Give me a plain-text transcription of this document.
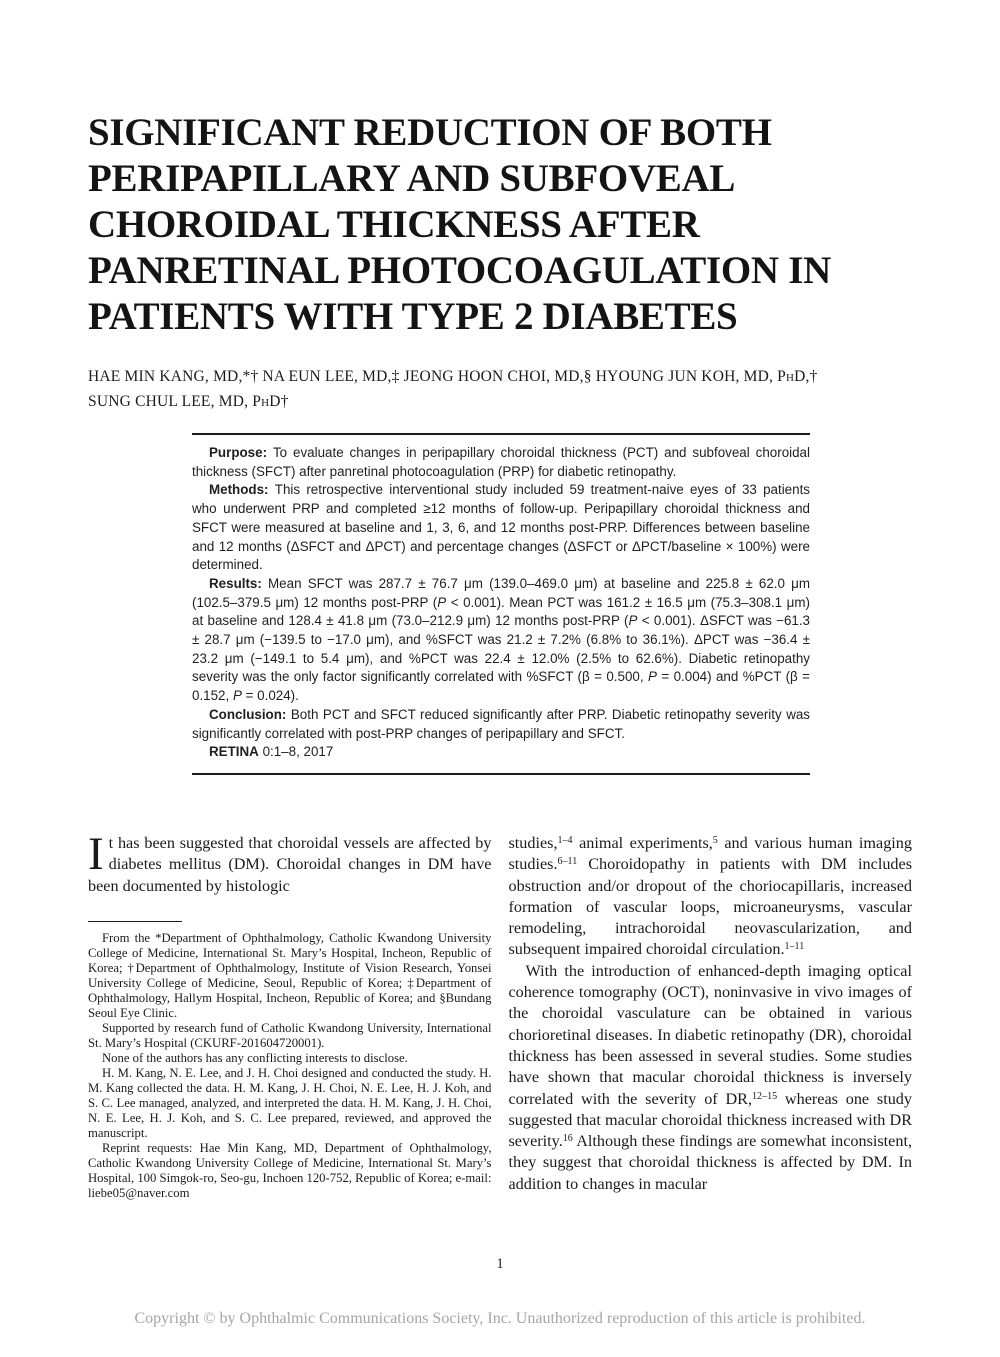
SIGNIFICANT REDUCTION OF BOTH
PERIPAPILLARY AND SUBFOVEAL
CHOROIDAL THICKNESS AFTER
PANRETINAL PHOTOCOAGULATION IN
PATIENTS WITH TYPE 2 DIABETES
HAE MIN KANG, MD,*† NA EUN LEE, MD,‡ JEONG HOON CHOI, MD,§ HYOUNG JUN KOH, MD, PhD,†
SUNG CHUL LEE, MD, PhD†

Purpose: To evaluate changes in peripapillary choroidal thickness (PCT) and subfoveal choroidal thickness (SFCT) after panretinal photocoagulation (PRP) for diabetic retinopathy.

Methods: This retrospective interventional study included 59 treatment-naive eyes of 33 patients who underwent PRP and completed ≥12 months of follow-up. Peripapillary choroidal thickness and SFCT were measured at baseline and 1, 3, 6, and 12 months post-PRP. Differences between baseline and 12 months (ΔSFCT and ΔPCT) and percentage changes (ΔSFCT or ΔPCT/baseline × 100%) were determined.

Results: Mean SFCT was 287.7 ± 76.7 μm (139.0–469.0 μm) at baseline and 225.8 ± 62.0 μm (102.5–379.5 μm) 12 months post-PRP (P < 0.001). Mean PCT was 161.2 ± 16.5 μm (75.3–308.1 μm) at baseline and 128.4 ± 41.8 μm (73.0–212.9 μm) 12 months post-PRP (P < 0.001). ΔSFCT was −61.3 ± 28.7 μm (−139.5 to −17.0 μm), and %SFCT was 21.2 ± 7.2% (6.8% to 36.1%). ΔPCT was −36.4 ± 23.2 μm (−149.1 to 5.4 μm), and %PCT was 22.4 ± 12.0% (2.5% to 62.6%). Diabetic retinopathy severity was the only factor significantly correlated with %SFCT (β = 0.500, P = 0.004) and %PCT (β = 0.152, P = 0.024).

Conclusion: Both PCT and SFCT reduced significantly after PRP. Diabetic retinopathy severity was significantly correlated with post-PRP changes of peripapillary and SFCT.

RETINA 0:1–8, 2017

It has been suggested that choroidal vessels are affected by diabetes mellitus (DM). Choroidal changes in DM have been documented by histologic

From the *Department of Ophthalmology, Catholic Kwandong University College of Medicine, International St. Mary’s Hospital, Incheon, Republic of Korea; †Department of Ophthalmology, Institute of Vision Research, Yonsei University College of Medicine, Seoul, Republic of Korea; ‡Department of Ophthalmology, Hallym Hospital, Incheon, Republic of Korea; and §Bundang Seoul Eye Clinic.

Supported by research fund of Catholic Kwandong University, International St. Mary’s Hospital (CKURF-201604720001).

None of the authors has any conflicting interests to disclose.

H. M. Kang, N. E. Lee, and J. H. Choi designed and conducted the study. H. M. Kang collected the data. H. M. Kang, J. H. Choi, N. E. Lee, H. J. Koh, and S. C. Lee managed, analyzed, and interpreted the data. H. M. Kang, J. H. Choi, N. E. Lee, H. J. Koh, and S. C. Lee prepared, reviewed, and approved the manuscript.

Reprint requests: Hae Min Kang, MD, Department of Ophthalmology, Catholic Kwandong University College of Medicine, International St. Mary’s Hospital, 100 Simgok-ro, Seo-gu, Inchoen 120-752, Republic of Korea; e-mail: liebe05@naver.com

studies,$^{1-4}$ animal experiments,$^5$ and various human imaging studies.$^{6-11}$ Choroidopathy in patients with DM includes obstruction and/or dropout of the choriocapillaris, increased formation of vascular loops, microaneurysms, vascular remodeling, intrachoroidal neovascularization, and subsequent impaired choroidal circulation.$^{1-11}$

With the introduction of enhanced-depth imaging optical coherence tomography (OCT), noninvasive in vivo images of the choroidal vasculature can be obtained in various chorioretinal diseases. In diabetic retinopathy (DR), choroidal thickness has been assessed in several studies. Some studies have shown that macular choroidal thickness is inversely correlated with the severity of DR,$^{12-15}$ whereas one study suggested that macular choroidal thickness increased with DR severity.$^{16}$ Although these findings are somewhat inconsistent, they suggest that choroidal thickness is affected by DM. In addition to changes in macular

1
Copyright © by Ophthalmic Communications Society, Inc. Unauthorized reproduction of this article is prohibited.
